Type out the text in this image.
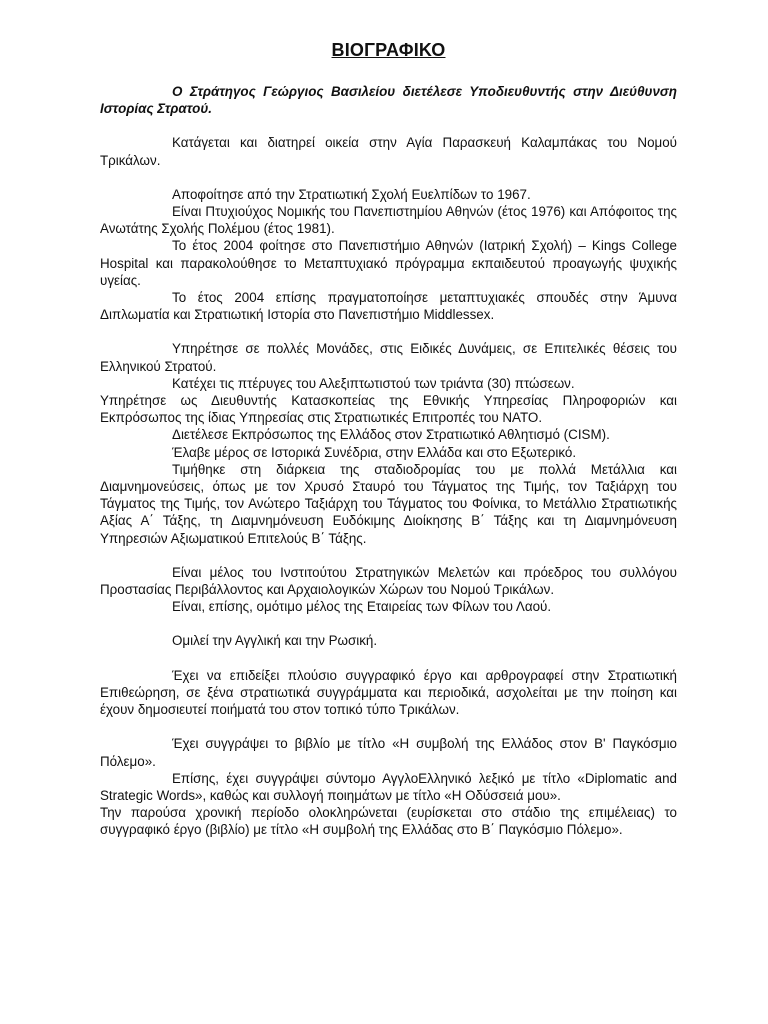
ΒΙΟΓΡΑΦΙΚΟ

Ο Στράτηγος Γεώργιος Βασιλείου διετέλεσε Υποδιευθυντής στην Διεύθυνση Ιστορίας Στρατού.

Κατάγεται και διατηρεί οικεία στην Αγία Παρασκευή Καλαμπάκας του Νομού Τρικάλων.

Αποφοίτησε από την Στρατιωτική Σχολή Ευελπίδων το 1967.

Είναι Πτυχιούχος Νομικής του Πανεπιστημίου Αθηνών (έτος 1976) και Απόφοιτος της Ανωτάτης Σχολής Πολέμου (έτος 1981).

Το έτος 2004 φοίτησε στο Πανεπιστήμιο Αθηνών (Ιατρική Σχολή) – Kings College Hospital και παρακολούθησε το Μεταπτυχιακό πρόγραμμα εκπαιδευτού προαγωγής ψυχικής υγείας.

Το έτος 2004 επίσης πραγματοποίησε μεταπτυχιακές σπουδές στην Άμυνα Διπλωματία και Στρατιωτική Ιστορία στο Πανεπιστήμιο Middlessex.

Υπηρέτησε σε πολλές Μονάδες, στις Ειδικές Δυνάμεις, σε Επιτελικές θέσεις του Ελληνικού Στρατού.

Κατέχει τις πτέρυγες του Αλεξιπτωτιστού των τριάντα (30) πτώσεων.

Υπηρέτησε ως Διευθυντής Κατασκοπείας της Εθνικής Υπηρεσίας Πληροφοριών και Εκπρόσωπος της ίδιας Υπηρεσίας στις Στρατιωτικές Επιτροπές του ΝΑΤΟ.

Διετέλεσε Εκπρόσωπος της Ελλάδος στον Στρατιωτικό Αθλητισμό (CISM).

Έλαβε μέρος σε Ιστορικά Συνέδρια, στην Ελλάδα και στο Εξωτερικό.

Τιμήθηκε στη διάρκεια της σταδιοδρομίας του με πολλά Μετάλλια και Διαμνημονεύσεις, όπως με τον Χρυσό Σταυρό του Τάγματος της Τιμής, τον Ταξιάρχη του Τάγματος της Τιμής, τον Ανώτερο Ταξιάρχη του Τάγματος του Φοίνικα, το Μετάλλιο Στρατιωτικής Αξίας Α΄ Τάξης, τη Διαμνημόνευση Ευδόκιμης Διοίκησης Β΄ Τάξης και τη Διαμνημόνευση Υπηρεσιών Αξιωματικού Επιτελούς Β΄ Τάξης.

Είναι μέλος του Ινστιτούτου Στρατηγικών Μελετών και πρόεδρος του συλλόγου Προστασίας Περιβάλλοντος και Αρχαιολογικών Χώρων του Νομού Τρικάλων.

Είναι, επίσης, ομότιμο μέλος της Εταιρείας των Φίλων του Λαού.

Ομιλεί την Αγγλική και την Ρωσική.

Έχει να επιδείξει πλούσιο συγγραφικό έργο και αρθρογραφεί στην Στρατιωτική Επιθεώρηση, σε ξένα στρατιωτικά συγγράμματα και περιοδικά, ασχολείται με την ποίηση και έχουν δημοσιευτεί ποιήματά του στον τοπικό τύπο Τρικάλων.

Έχει συγγράψει το βιβλίο με τίτλο «Η συμβολή της Ελλάδος στον Β' Παγκόσμιο Πόλεμο».

Επίσης, έχει συγγράψει σύντομο ΑγγλοΕλληνικό λεξικό με τίτλο «Diplomatic and Strategic Words», καθώς και συλλογή ποιημάτων με τίτλο «Η Οδύσσειά μου».

Την παρούσα χρονική περίοδο ολοκληρώνεται (ευρίσκεται στο στάδιο της επιμέλειας) το συγγραφικό έργο (βιβλίο) με τίτλο «Η συμβολή της Ελλάδας στο Β΄ Παγκόσμιο Πόλεμο».
